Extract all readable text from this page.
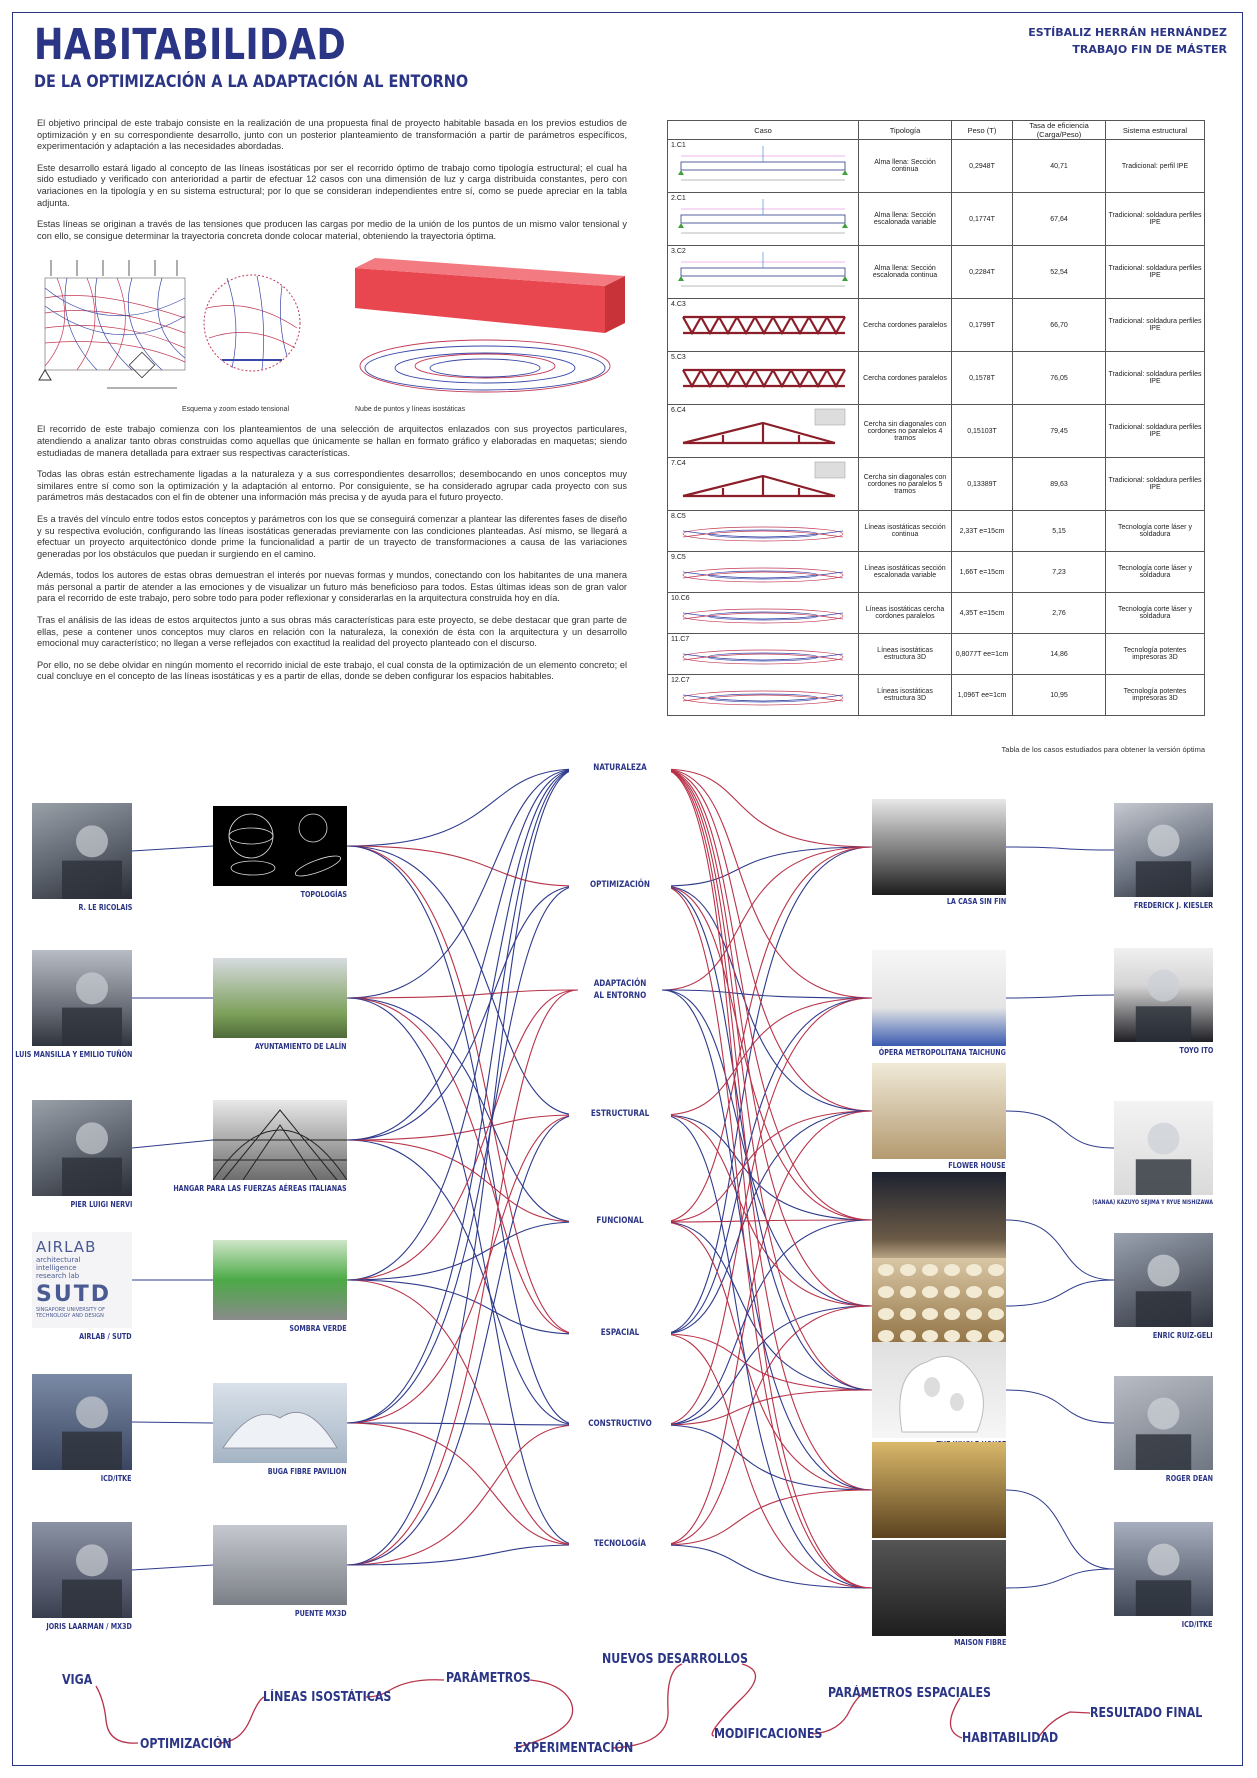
HABITABILIDAD
DE LA OPTIMIZACIÓN A LA ADAPTACIÓN AL ENTORNO
ESTÍBALIZ HERRÁN HERNÁNDEZ
TRABAJO FIN DE MÁSTER

El objetivo principal de este trabajo consiste en la realización de una propuesta final de proyecto habitable basada en los previos estudios de optimización y en su correspondiente desarrollo, junto con un posterior planteamiento de transformación a partir de parámetros específicos, experimentación y adaptación a las necesidades abordadas.

Este desarrollo estará ligado al concepto de las líneas isostáticas por ser el recorrido óptimo de trabajo como tipología estructural; el cual ha sido estudiado y verificado con anterioridad a partir de efectuar 12 casos con una dimensión de luz y carga distribuida constantes, pero con variaciones en la tipología y en su sistema estructural; por lo que se consideran independientes entre sí, como se puede apreciar en la tabla adjunta.

Estas líneas se originan a través de las tensiones que producen las cargas por medio de la unión de los puntos de un mismo valor tensional y con ello, se consigue determinar la trayectoria concreta donde colocar material, obteniendo la trayectoria óptima.

El recorrido de este trabajo comienza con los planteamientos de una selección de arquitectos enlazados con sus proyectos particulares, atendiendo a analizar tanto obras construidas como aquellas que únicamente se hallan en formato gráfico y elaboradas en maquetas; siendo estudiadas de manera detallada para extraer sus respectivas características.

Todas las obras están estrechamente ligadas a la naturaleza y a sus correspondientes desarrollos; desembocando en unos conceptos muy similares entre sí como son la optimización y la adaptación al entorno. Por consiguiente, se ha considerado agrupar cada proyecto con sus parámetros más destacados con el fin de obtener una información más precisa y de ayuda para el futuro proyecto.

Es a través del vínculo entre todos estos conceptos y parámetros con los que se conseguirá comenzar a plantear las diferentes fases de diseño y su respectiva evolución, configurando las líneas isostáticas generadas previamente con las condiciones planteadas. Así mismo, se llegará a efectuar un proyecto arquitectónico donde prime la funcionalidad a partir de un trayecto de transformaciones a causa de las variaciones generadas por los obstáculos que puedan ir surgiendo en el camino.

Además, todos los autores de estas obras demuestran el interés por nuevas formas y mundos, conectando con los habitantes de una manera más personal a partir de atender a las emociones y de visualizar un futuro más beneficioso para todos. Estas últimas ideas son de gran valor para el recorrido de este trabajo, pero sobre todo para poder reflexionar y considerarlas en la arquitectura construida hoy en día.

Tras el análisis de las ideas de estos arquitectos junto a sus obras más características para este proyecto, se debe destacar que gran parte de ellas, pese a contener unos conceptos muy claros en relación con la naturaleza, la conexión de ésta con la arquitectura y un desarrollo emocional muy característico; no llegan a verse reflejados con exactitud la realidad del proyecto planteado con el discurso.

Por ello, no se debe olvidar en ningún momento el recorrido inicial de este trabajo, el cual consta de la optimización de un elemento concreto; el cual concluye en el concepto de las líneas isostáticas y es a partir de ellas, donde se deben configurar los espacios habitables.

Esquema y zoom estado tensional	Nube de puntos y líneas isostáticas
Caso	Tipología	Peso (T)	Tasa de eficiencia (Carga/Peso)	Sistema estructural

1.C1	Alma llena: Sección continua	0,2948T	40,71	Tradicional: perfil IPE

2.C1	Alma llena: Sección escalonada variable	0,1774T	67,64	Tradicional: soldadura perfiles IPE

3.C2	Alma llena: Sección escalonada continua	0,2284T	52,54	Tradicional: soldadura perfiles IPE

4.C3	Cercha cordones paralelos	0,1799T	66,70	Tradicional: soldadura perfiles IPE

5.C3	Cercha cordones paralelos	0,1578T	76,05	Tradicional: soldadura perfiles IPE

6.C4	Cercha sin diagonales con cordones no paralelos 4 tramos	0,15103T	79,45	Tradicional: soldadura perfiles IPE

7.C4	Cercha sin diagonales con cordones no paralelos 5 tramos	0,13389T	89,63	Tradicional: soldadura perfiles IPE

8.C5	Líneas isostáticas sección continua	2,33T e=15cm	5,15	Tecnología corte láser y soldadura

9.C5	Líneas isostáticas sección escalonada variable	1,66T e=15cm	7,23	Tecnología corte láser y soldadura

10.C6	Líneas isostáticas cercha cordones paralelos	4,35T e=15cm	2,76	Tecnología corte láser y soldadura

11.C7	Líneas isostáticas estructura 3D	0,8077T ee=1cm	14,86	Tecnología potentes impresoras 3D

12.C7	Líneas isostáticas estructura 3D	1,096T ee=1cm	10,95	Tecnología potentes impresoras 3D
Tabla de los casos estudiados para obtener la versión óptima
NATURALEZA
OPTIMIZACIÓN
ADAPTACIÓN AL ENTORNO
ESTRUCTURAL
FUNCIONAL
ESPACIAL
CONSTRUCTIVO
TECNOLOGÍA
R. LE RICOLAIS
LUIS MANSILLA Y EMILIO TUÑÓN
PIER LUIGI NERVI
AIRLAB
architectural intelligence research lab
SUTD
SINGAPORE UNIVERSITY OF TECHNOLOGY AND DESIGN
AIRLAB / SUTD
ICD/ITKE
JORIS LAARMAN / MX3D
TOPOLOGÍAS
AYUNTAMIENTO DE LALÍN
HANGAR PARA LAS FUERZAS AÉREAS ITALIANAS
SOMBRA VERDE
BUGA FIBRE PAVILION
PUENTE MX3D
LA CASA SIN FIN
ÓPERA METROPOLITANA TAICHUNG
FLOWER HOUSE
MAISON FIBRE
FREDERICK J. KIESLER
TOYO ITO
(SANAA) KAZUYO SEJIMA Y RYUE NISHIZAWA
ENRIC RUIZ-GELI
ROGER DEAN
ICD/ITKE
VIGA
OPTIMIZACIÓN
LÍNEAS ISOSTÁTICAS
PARÁMETROS
EXPERIMENTACIÓN
NUEVOS DESARROLLOS
MODIFICACIONES
PARÁMETROS ESPACIALES
HABITABILIDAD
RESULTADO FINAL
